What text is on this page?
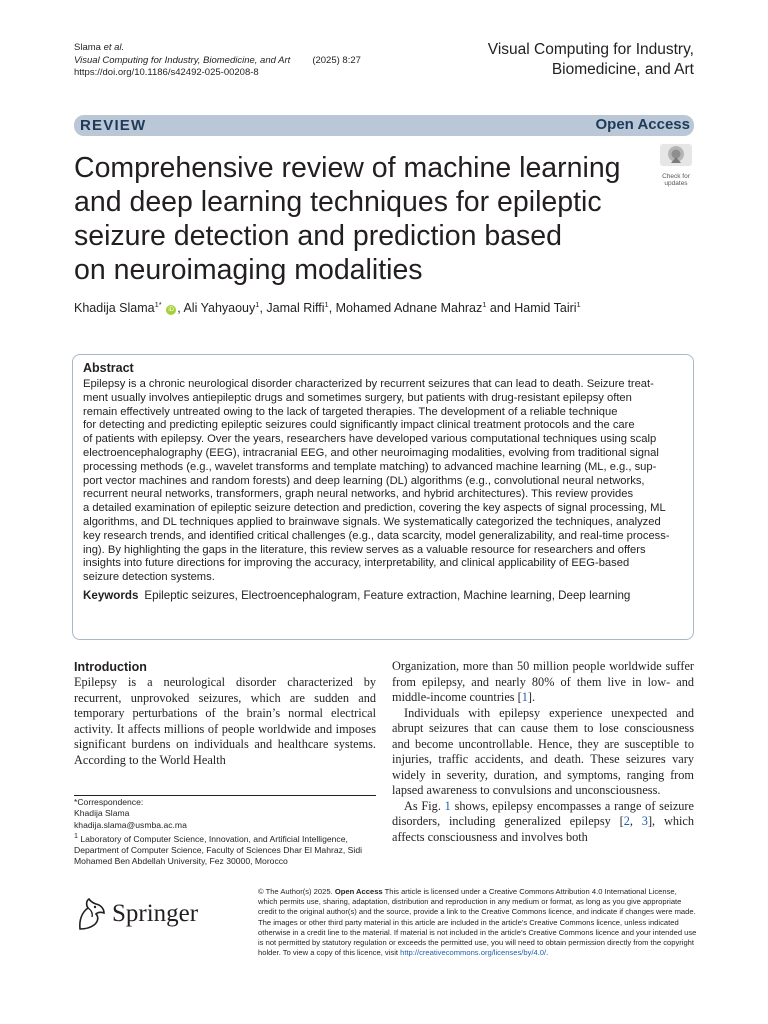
Slama et al.
Visual Computing for Industry, Biomedicine, and Art (2025) 8:27
https://doi.org/10.1186/s42492-025-00208-8
Visual Computing for Industry,
Biomedicine, and Art
REVIEW	Open Access
Comprehensive review of machine learning
and deep learning techniques for epileptic
seizure detection and prediction based
on neuroimaging modalities
Check for
updates
Khadija Slama$^{1*}$ iD , Ali Yahyaouy$^1$, Jamal Riffi$^1$, Mohamed Adnane Mahraz$^1$ and Hamid Tairi$^1$
Abstract
Epilepsy is a chronic neurological disorder characterized by recurrent seizures that can lead to death. Seizure treat-
ment usually involves antiepileptic drugs and sometimes surgery, but patients with drug-resistant epilepsy often
remain effectively untreated owing to the lack of targeted therapies. The development of a reliable technique
for detecting and predicting epileptic seizures could significantly impact clinical treatment protocols and the care
of patients with epilepsy. Over the years, researchers have developed various computational techniques using scalp
electroencephalography (EEG), intracranial EEG, and other neuroimaging modalities, evolving from traditional signal
processing methods (e.g., wavelet transforms and template matching) to advanced machine learning (ML, e.g., sup-
port vector machines and random forests) and deep learning (DL) algorithms (e.g., convolutional neural networks,
recurrent neural networks, transformers, graph neural networks, and hybrid architectures). This review provides
a detailed examination of epileptic seizure detection and prediction, covering the key aspects of signal processing, ML
algorithms, and DL techniques applied to brainwave signals. We systematically categorized the techniques, analyzed
key research trends, and identified critical challenges (e.g., data scarcity, model generalizability, and real-time process-
ing). By highlighting the gaps in the literature, this review serves as a valuable resource for researchers and offers
insights into future directions for improving the accuracy, interpretability, and clinical applicability of EEG-based
seizure detection systems.
Keywords Epileptic seizures, Electroencephalogram, Feature extraction, Machine learning, Deep learning
Introduction

Epilepsy is a neurological disorder characterized by recurrent, unprovoked seizures, which are sudden and temporary perturbations of the brain’s normal electrical activity. It affects millions of people worldwide and imposes significant burdens on individuals and healthcare systems. According to the World Health

*Correspondence:
Khadija Slama
khadija.slama@usmba.ac.ma
$^1$ Laboratory of Computer Science, Innovation, and Artificial Intelligence, Department of Computer Science, Faculty of Sciences Dhar El Mahraz, Sidi Mohamed Ben Abdellah University, Fez 30000, Morocco

Organization, more than 50 million people worldwide suffer from epilepsy, and nearly 80% of them live in low- and middle-income countries [1].

Individuals with epilepsy experience unexpected and abrupt seizures that can cause them to lose consciousness and become uncontrollable. Hence, they are susceptible to injuries, traffic accidents, and death. These seizures vary widely in severity, duration, and symptoms, ranging from lapsed awareness to convulsions and unconsciousness.

As Fig. 1 shows, epilepsy encompasses a range of seizure disorders, including generalized epilepsy [2, 3], which affects consciousness and involves both

Springer
© The Author(s) 2025. Open Access This article is licensed under a Creative Commons Attribution 4.0 International License, which permits use, sharing, adaptation, distribution and reproduction in any medium or format, as long as you give appropriate credit to the original author(s) and the source, provide a link to the Creative Commons licence, and indicate if changes were made. The images or other third party material in this article are included in the article’s Creative Commons licence, unless indicated otherwise in a credit line to the material. If material is not included in the article’s Creative Commons licence and your intended use is not permitted by statutory regulation or exceeds the permitted use, you will need to obtain permission directly from the copyright holder. To view a copy of this licence, visit http://creativecommons.org/licenses/by/4.0/.
